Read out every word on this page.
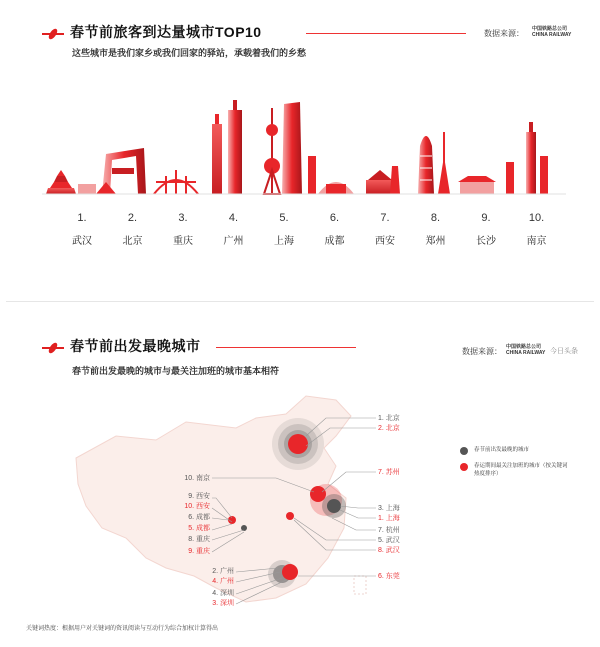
春节前旅客到达量城市TOP10
这些城市是我们家乡或我们回家的驿站，承载着我们的乡愁
数据来源： 中国铁路总公司
CHINA RAILWAY
1.
武汉
2.
北京
3.
重庆
4.
广州
5.
上海
6.
成都
7.
西安
8.
郑州
9.
长沙
10.
南京
春节前出发最晚城市
春节前出发最晚的城市与最关注加班的城市基本相符
数据来源： 中国铁路总公司
CHINA RAILWAY 今日头条
1. 北京
2. 北京
7. 苏州
3. 上海
1. 上海
7. 杭州
5. 武汉
8. 武汉
6. 东莞
10. 南京
9. 西安
10. 西安
6. 成都
5. 成都
8. 重庆
9. 重庆
2. 广州
4. 广州
4. 深圳
3. 深圳
春节前出发最晚的城市
春运期间最关注加班的城市（按关键词热度排序）
关键词热度：根据用户对关键词的资讯阅读与互动行为综合加权计算得出
